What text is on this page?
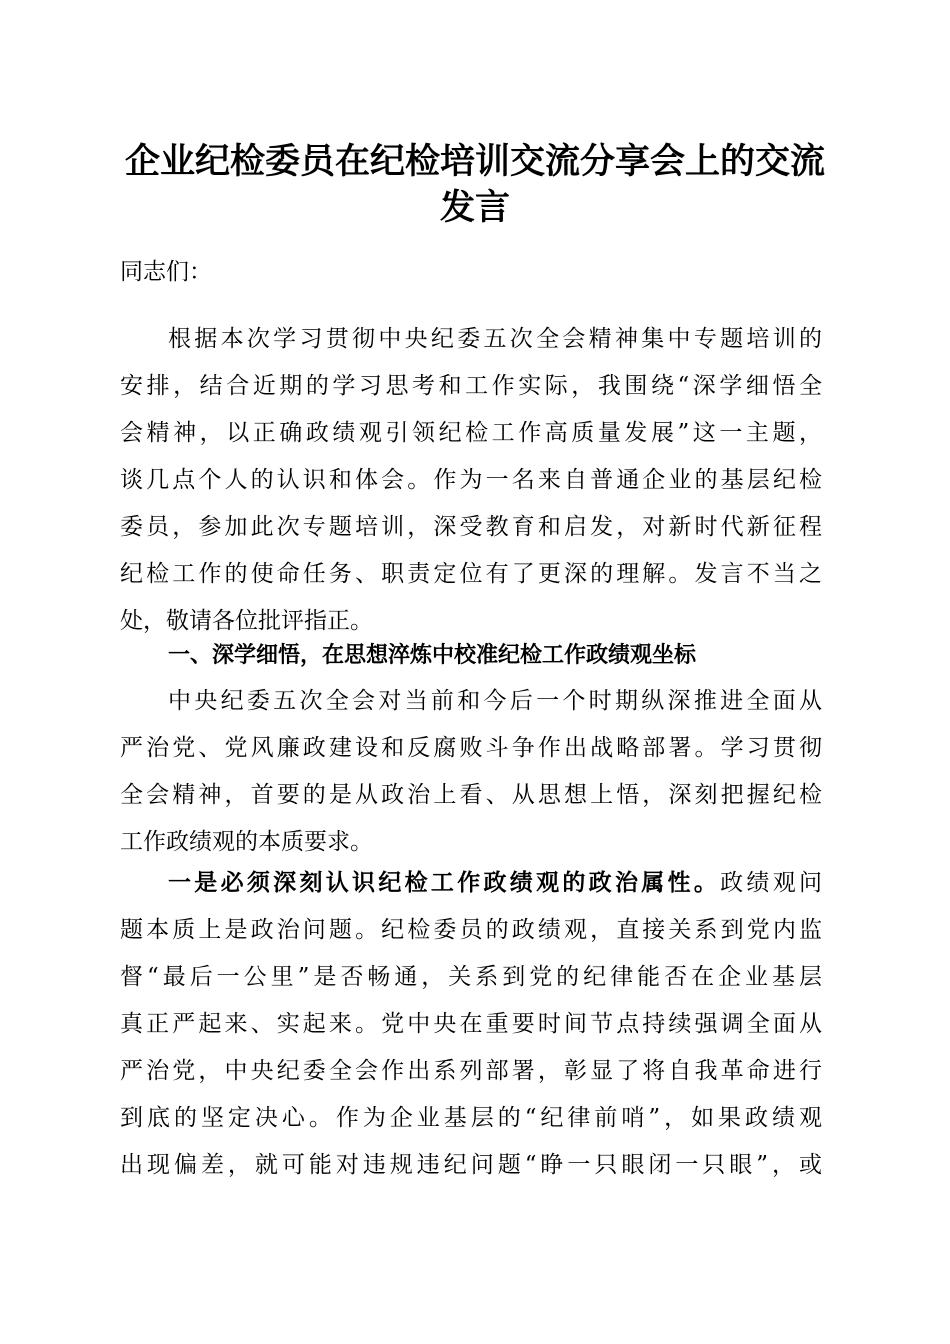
企业纪检委员在纪检培训交流分享会上的交流
发言

同志们：

根据本次学习贯彻中央纪委五次全会精神集中专题培训的

安排，结合近期的学习思考和工作实际，我围绕“深学细悟全

会精神，以正确政绩观引领纪检工作高质量发展”这一主题，

谈几点个人的认识和体会。作为一名来自普通企业的基层纪检

委员，参加此次专题培训，深受教育和启发，对新时代新征程

纪检工作的使命任务、职责定位有了更深的理解。发言不当之

处，敬请各位批评指正。

一、深学细悟，在思想淬炼中校准纪检工作政绩观坐标

中央纪委五次全会对当前和今后一个时期纵深推进全面从

严治党、党风廉政建设和反腐败斗争作出战略部署。学习贯彻

全会精神，首要的是从政治上看、从思想上悟，深刻把握纪检

工作政绩观的本质要求。

一是必须深刻认识纪检工作政绩观的政治属性。政绩观问

题本质上是政治问题。纪检委员的政绩观，直接关系到党内监

督“最后一公里”是否畅通，关系到党的纪律能否在企业基层

真正严起来、实起来。党中央在重要时间节点持续强调全面从

严治党，中央纪委全会作出系列部署，彰显了将自我革命进行

到底的坚定决心。作为企业基层的“纪律前哨”，如果政绩观

出现偏差，就可能对违规违纪问题“睁一只眼闭一只眼”，或
